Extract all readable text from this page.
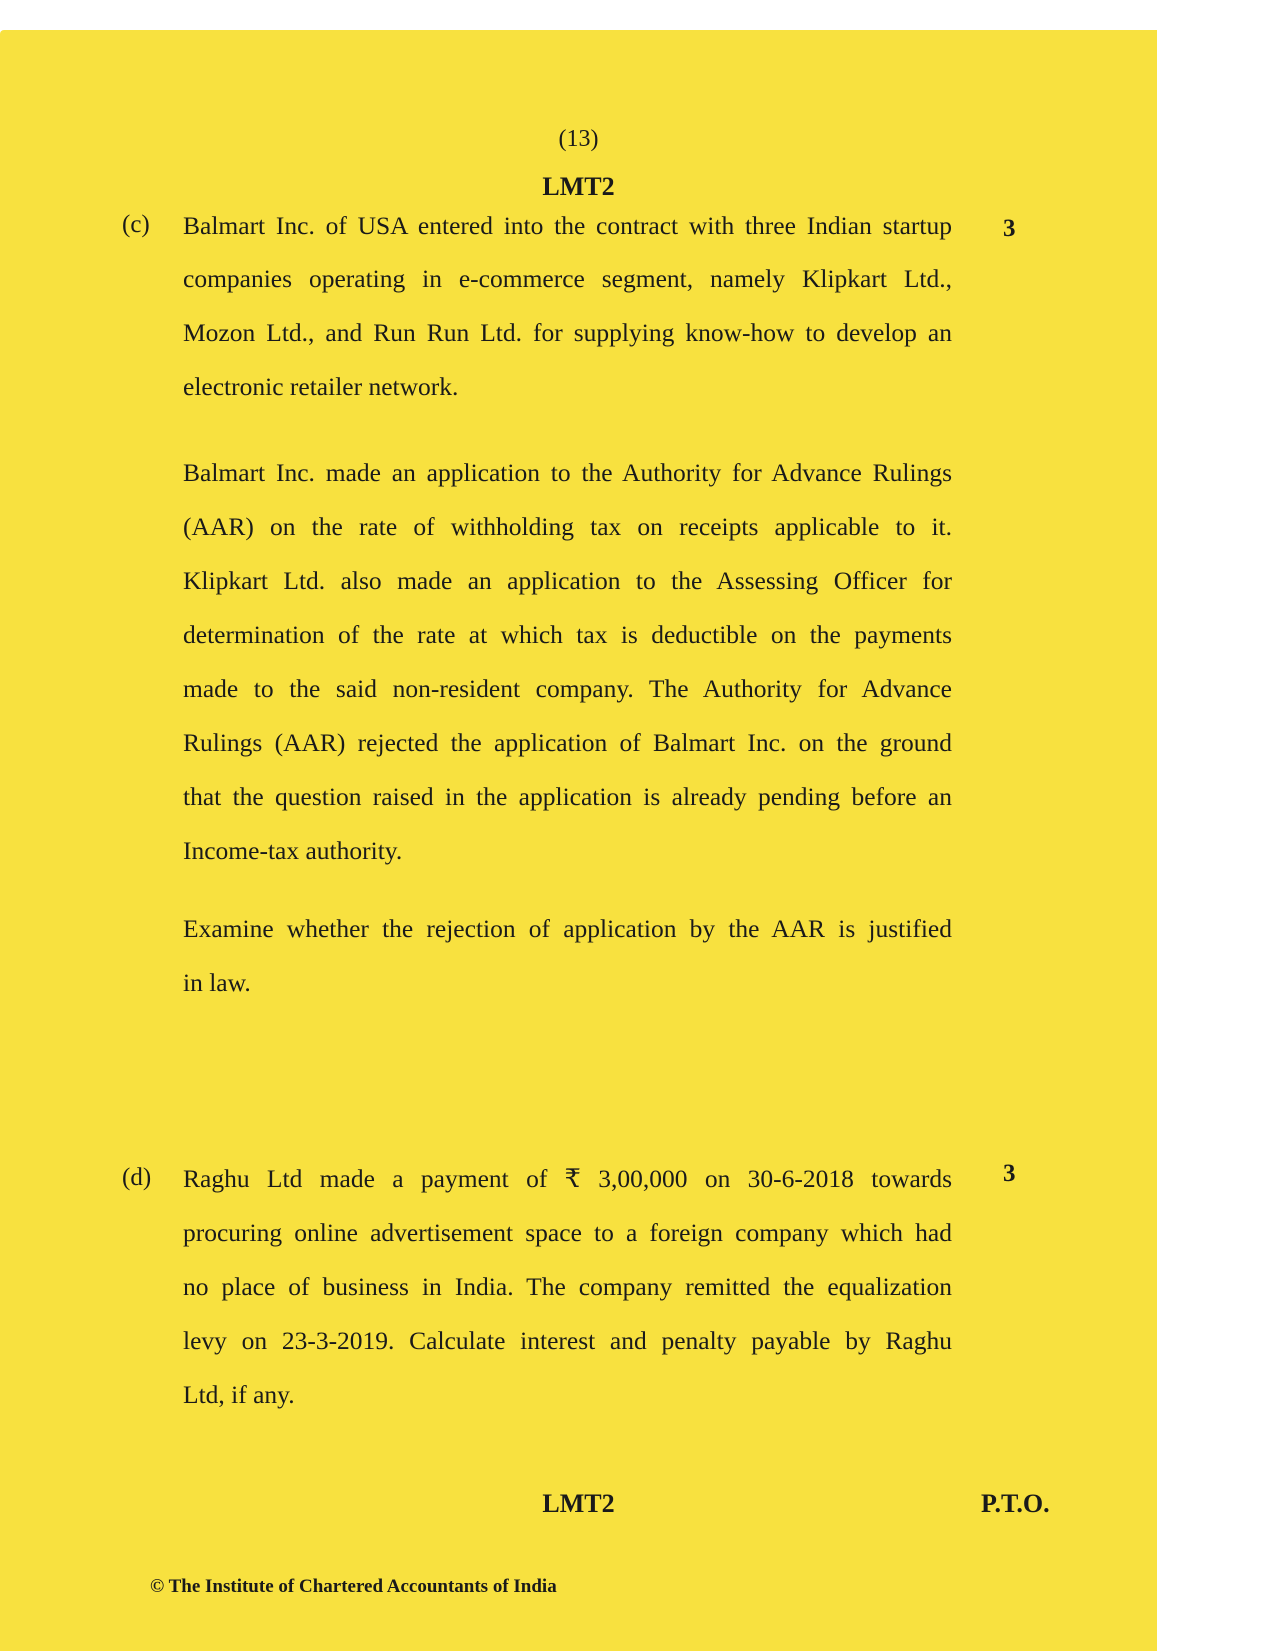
(13)
LMT2
(c)	3
Balmart Inc. of USA entered into the contract with three Indian startup
companies operating in e-commerce segment, namely Klipkart Ltd.,
Mozon Ltd., and Run Run Ltd. for supplying know-how to develop an
electronic retailer network.
Balmart Inc. made an application to the Authority for Advance Rulings
(AAR) on the rate of withholding tax on receipts applicable to it.
Klipkart Ltd. also made an application to the Assessing Officer for
determination of the rate at which tax is deductible on the payments
made to the said non-resident company. The Authority for Advance
Rulings (AAR) rejected the application of Balmart Inc. on the ground
that the question raised in the application is already pending before an
Income-tax authority.
Examine whether the rejection of application by the AAR is justified
in law.
(d)	3
Raghu Ltd made a payment of ₹ 3,00,000 on 30-6-2018 towards
procuring online advertisement space to a foreign company which had
no place of business in India. The company remitted the equalization
levy on 23-3-2019. Calculate interest and penalty payable by Raghu
Ltd, if any.
LMT2	P.T.O.
© The Institute of Chartered Accountants of India
